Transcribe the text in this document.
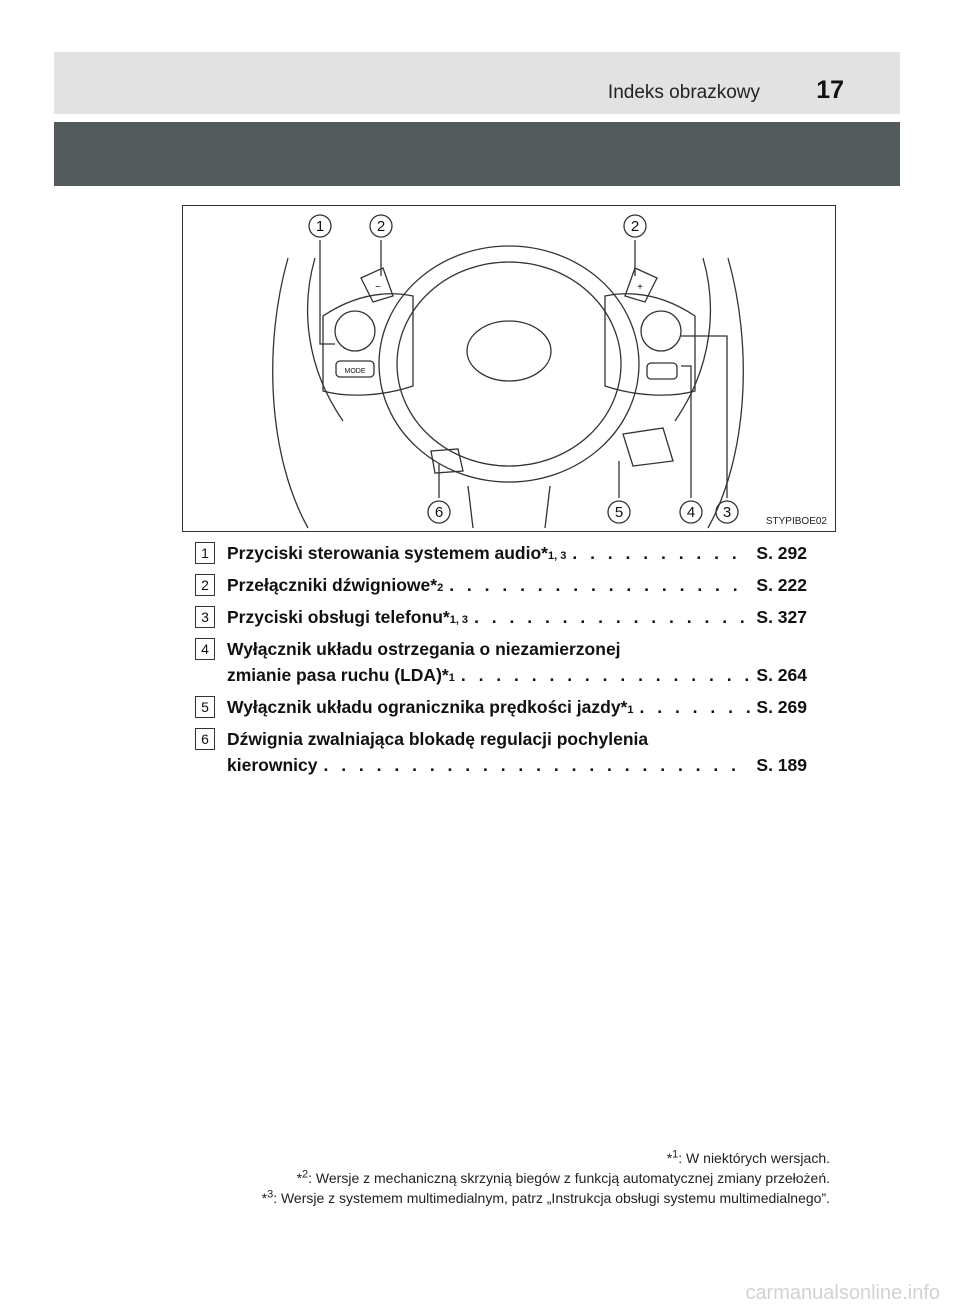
Indeks obrazkowy 17
1	2	2
6	5	4 3
MODE
−	+
STYPIBOE02
1	Przyciski sterowania systemem audio* 1, 3 . . .	S. 292
2	Przełączniki dźwigniowe* 2 . . .	S. 222
3	Przyciski obsługi telefonu* 1, 3 . . .	S. 327
4	Wyłącznik układu ostrzegania o niezamierzonej
zmianie pasa ruchu (LDA)* 1 . . .	S. 264
5	Wyłącznik układu ogranicznika prędkości jazdy* 1 . . .	S. 269
6	Dźwignia zwalniająca blokadę regulacji pochylenia
kierownicy . . .	S. 189
*$^1$: W niektórych wersjach.
*$^2$: Wersje z mechaniczną skrzynią biegów z funkcją automatycznej zmiany przełożeń.
*$^3$: Wersje z systemem multimedialnym, patrz „Instrukcja obsługi systemu multimedialnego”.
carmanualsonline.info
